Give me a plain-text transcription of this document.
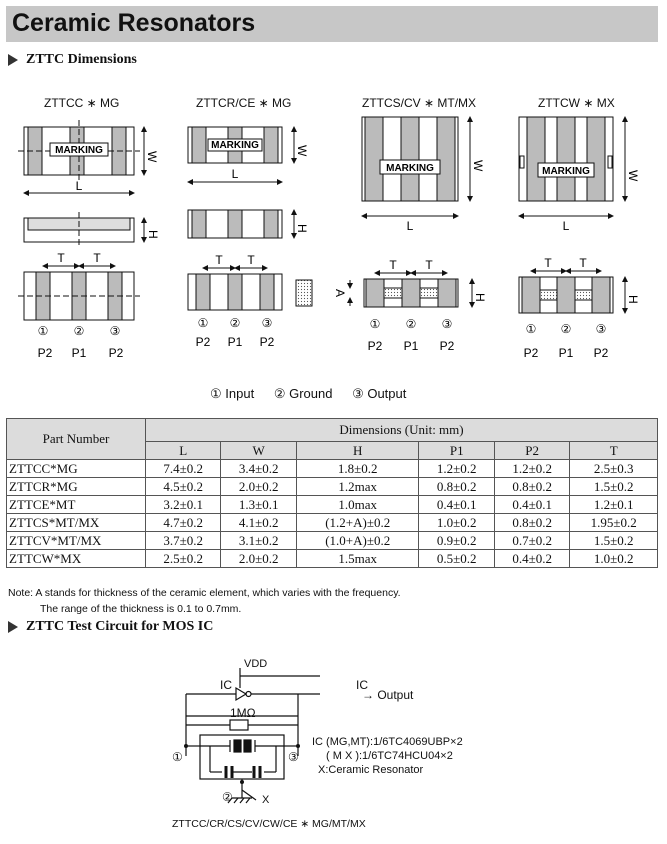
Ceramic Resonators
ZTTC Dimensions
ZTTCC ∗ MG	ZTTCR/CE ∗ MG	ZTTCS/CV ∗ MT/MX	ZTTCW ∗ MX
MARKING
L
W
H
T T
① ② ③
P2 P1 P2
MARKING
L
W
H
T T
① ② ③
P2 P1 P2
MARKING
L
W
T T
A	H
① ② ③
P2 P1 P2
MARKING
L
W
T T
H
① ② ③
P2 P1 P2
① Input ② Ground ③ Output
Part Number	Dimensions (Unit: mm)					
	L	W	H	P1	P2	T
ZTTCC*MG	7.4±0.2	3.4±0.2	1.8±0.2	1.2±0.2	1.2±0.2	2.5±0.3
ZTTCR*MG	4.5±0.2	2.0±0.2	1.2max	0.8±0.2	0.8±0.2	1.5±0.2
ZTTCE*MT	3.2±0.1	1.3±0.1	1.0max	0.4±0.1	0.4±0.1	1.2±0.1
ZTTCS*MT/MX	4.7±0.2	4.1±0.2	(1.2+A)±0.2	1.0±0.2	0.8±0.2	1.95±0.2
ZTTCV*MT/MX	3.7±0.2	3.1±0.2	(1.0+A)±0.2	0.9±0.2	0.7±0.2	1.5±0.2
ZTTCW*MX	2.5±0.2	2.0±0.2	1.5max	0.5±0.2	0.4±0.2	1.0±0.2
Note: A stands for thickness of the ceramic element, which varies with the frequency.
The range of the thickness is 0.1 to 0.7mm.
ZTTC Test Circuit for MOS IC
VDD
IC	IC
→ Output
1MΩ
①	③
②	X
IC (MG,MT):1/6TC4069UBP×2
( M X ):1/6TC74HCU04×2
X:Ceramic Resonator
ZTTCC/CR/CS/CV/CW/CE ∗ MG/MT/MX
